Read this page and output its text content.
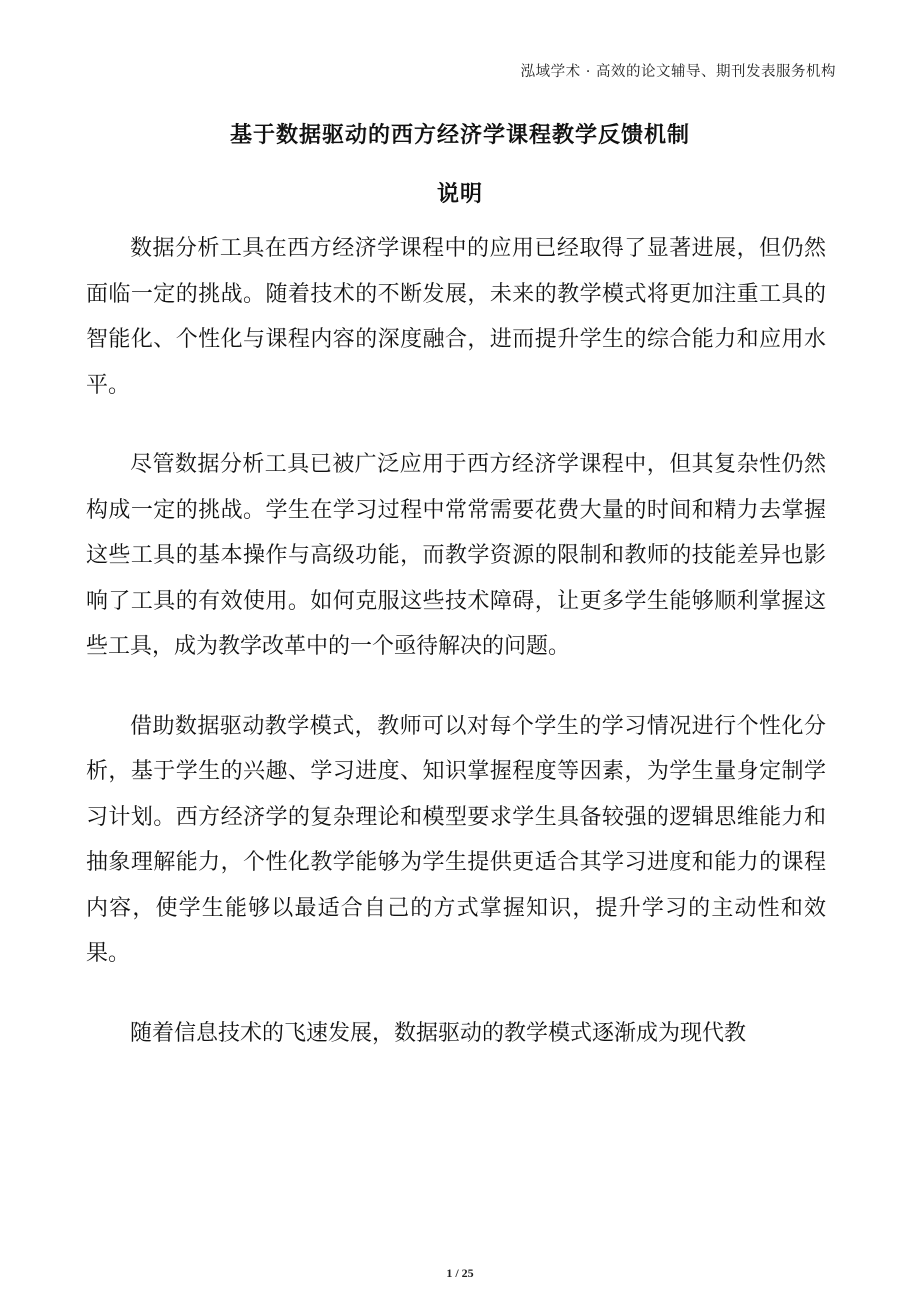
泓域学术 · 高效的论文辅导、期刊发表服务机构
基于数据驱动的西方经济学课程教学反馈机制
说明

数据分析工具在西方经济学课程中的应用已经取得了显著进展，但仍然面临一定的挑战。随着技术的不断发展，未来的教学模式将更加注重工具的智能化、个性化与课程内容的深度融合，进而提升学生的综合能力和应用水平。

尽管数据分析工具已被广泛应用于西方经济学课程中，但其复杂性仍然构成一定的挑战。学生在学习过程中常常需要花费大量的时间和精力去掌握这些工具的基本操作与高级功能，而教学资源的限制和教师的技能差异也影响了工具的有效使用。如何克服这些技术障碍，让更多学生能够顺利掌握这些工具，成为教学改革中的一个亟待解决的问题。

借助数据驱动教学模式，教师可以对每个学生的学习情况进行个性化分析，基于学生的兴趣、学习进度、知识掌握程度等因素，为学生量身定制学习计划。西方经济学的复杂理论和模型要求学生具备较强的逻辑思维能力和抽象理解能力，个性化教学能够为学生提供更适合其学习进度和能力的课程内容，使学生能够以最适合自己的方式掌握知识，提升学习的主动性和效果。

随着信息技术的飞速发展，数据驱动的教学模式逐渐成为现代教

1 / 25
